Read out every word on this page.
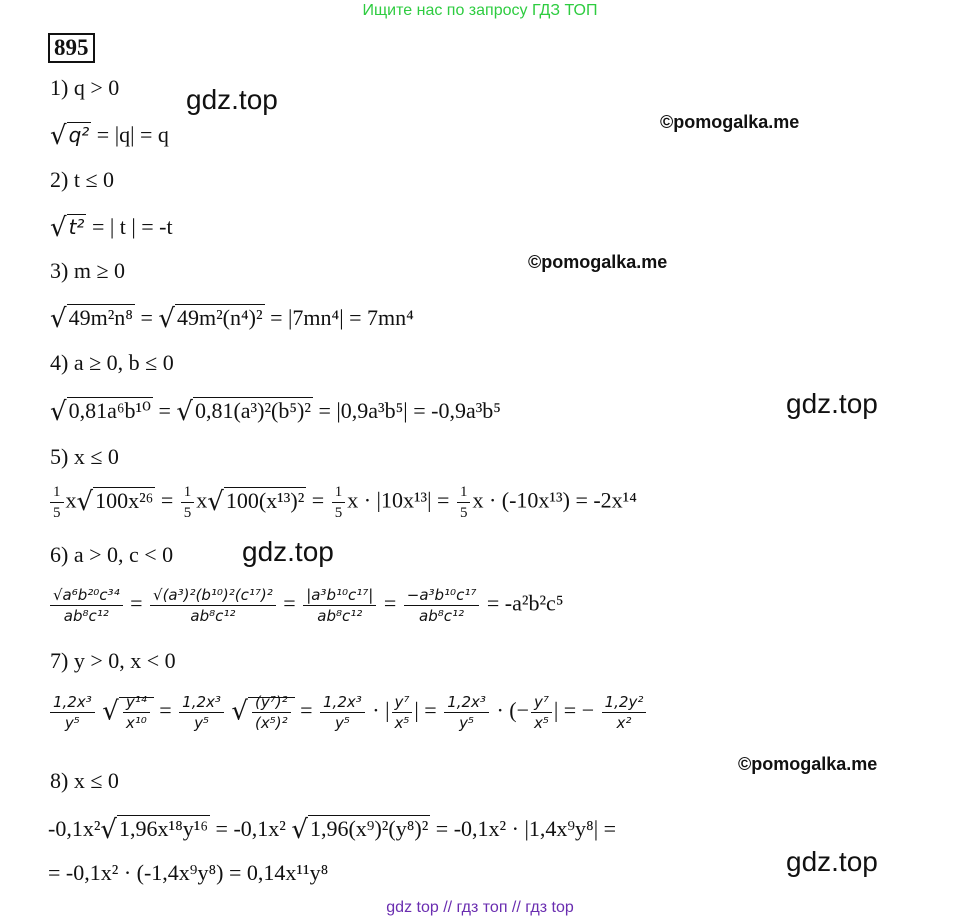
Ищите нас по запросу ГДЗ ТОП
895
gdz.top
©pomogalka.me
©pomogalka.me
gdz.top
gdz.top
©pomogalka.me
gdz.top
1) q > 0
√ q² = |q| = q
2) t ≤ 0
√ t² = | t | = -t
3) m ≥ 0
√49m²n⁸ = √49m²(n⁴)² = |7mn⁴| = 7mn⁴
4) a ≥ 0, b ≤ 0
√0,81a⁶b¹⁰ = √0,81(a³)²(b⁵)² = |0,9a³b⁵| = -0,9a³b⁵
5) x ≤ 0
$\frac{1}{5} x√100x^{26} = \frac{1}{5} x√100(x^{13})^2 = \frac{1}{5}$ $x \cdot |10x^{13}| = \frac{1}{5}$ x · (-10x¹³) = -2x¹⁴
6) a > 0, c < 0
$\frac{\text{√a⁶b²⁰c³⁴}}{\text{ab⁸c¹²}} = \frac{\text{√(a³)²(b¹⁰)²(c¹⁷)²}}{\text{ab⁸c¹²}} = \frac{\text{|a³b¹⁰c¹⁷|}}{\text{ab⁸c¹²}} = \frac{\text{−a³b¹⁰c¹⁷}}{\text{ab⁸c¹²}} = -a^2b^2c^5$
7) y > 0, x < 0
$\frac{\text{1,2x³}}{\text{y⁵}}$ √ $\frac{\text{y¹⁴}}{\text{x¹⁰}} = \frac{\text{1,2x³}}{\text{y⁵}}$ √ $\frac{\text{(y⁷)²}}{\text{(x⁵)²}} = \frac{\text{1,2x³}}{\text{y⁵}}$ · | $\frac{\text{y⁷}}{\text{x⁵}}$ | = $\frac{\text{1,2x³}}{\text{y⁵}}$ · (− $\frac{\text{y⁷}}{\text{x⁵}}$ | = − $\frac{\text{1,2y²}}{\text{x²}}$
8) x ≤ 0
-0,1x²√1,96x¹⁸y¹⁶ = -0,1x² √1,96(x⁹)²(y⁸)² = -0,1x² · |1,4x⁹y⁸| =
= -0,1x² · (-1,4x⁹y⁸) = 0,14x¹¹y⁸
gdz top // гдз топ // гдз top
